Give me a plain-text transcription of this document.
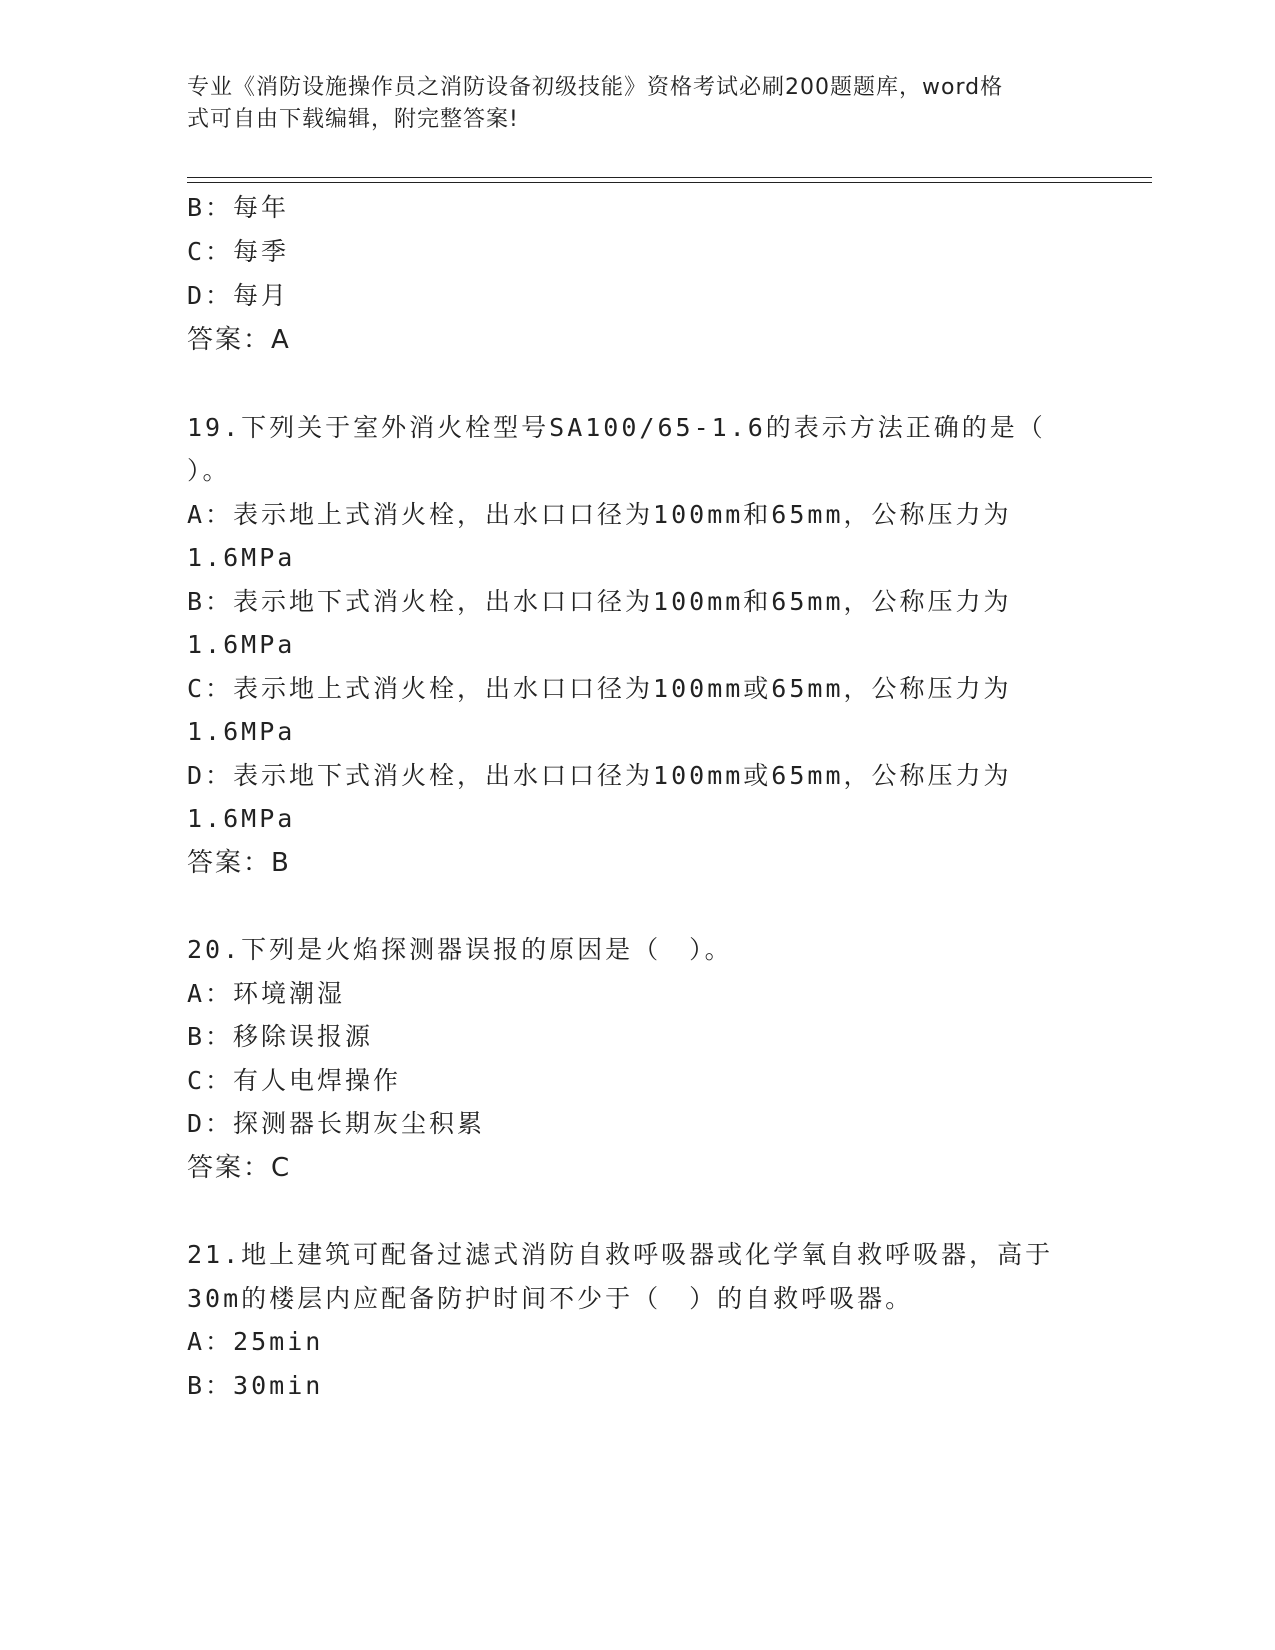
专业《消防设施操作员之消防设备初级技能》资格考试必刷200题题库，word格
式可自由下载编辑，附完整答案!
B：每年
C：每季
D：每月
答案：A
19.下列关于室外消火栓型号SA100/65-1.6的表示方法正确的是（
）。
A：表示地上式消火栓，出水口口径为100mm和65mm，公称压力为
1.6MPa
B：表示地下式消火栓，出水口口径为100mm和65mm，公称压力为
1.6MPa
C：表示地上式消火栓，出水口口径为100mm或65mm，公称压力为
1.6MPa
D：表示地下式消火栓，出水口口径为100mm或65mm，公称压力为
1.6MPa
答案：B
20.下列是火焰探测器误报的原因是（　）。
A：环境潮湿
B：移除误报源
C：有人电焊操作
D：探测器长期灰尘积累
答案：C
21.地上建筑可配备过滤式消防自救呼吸器或化学氧自救呼吸器，高于
30m的楼层内应配备防护时间不少于（　）的自救呼吸器。
A：25min
B：30min
